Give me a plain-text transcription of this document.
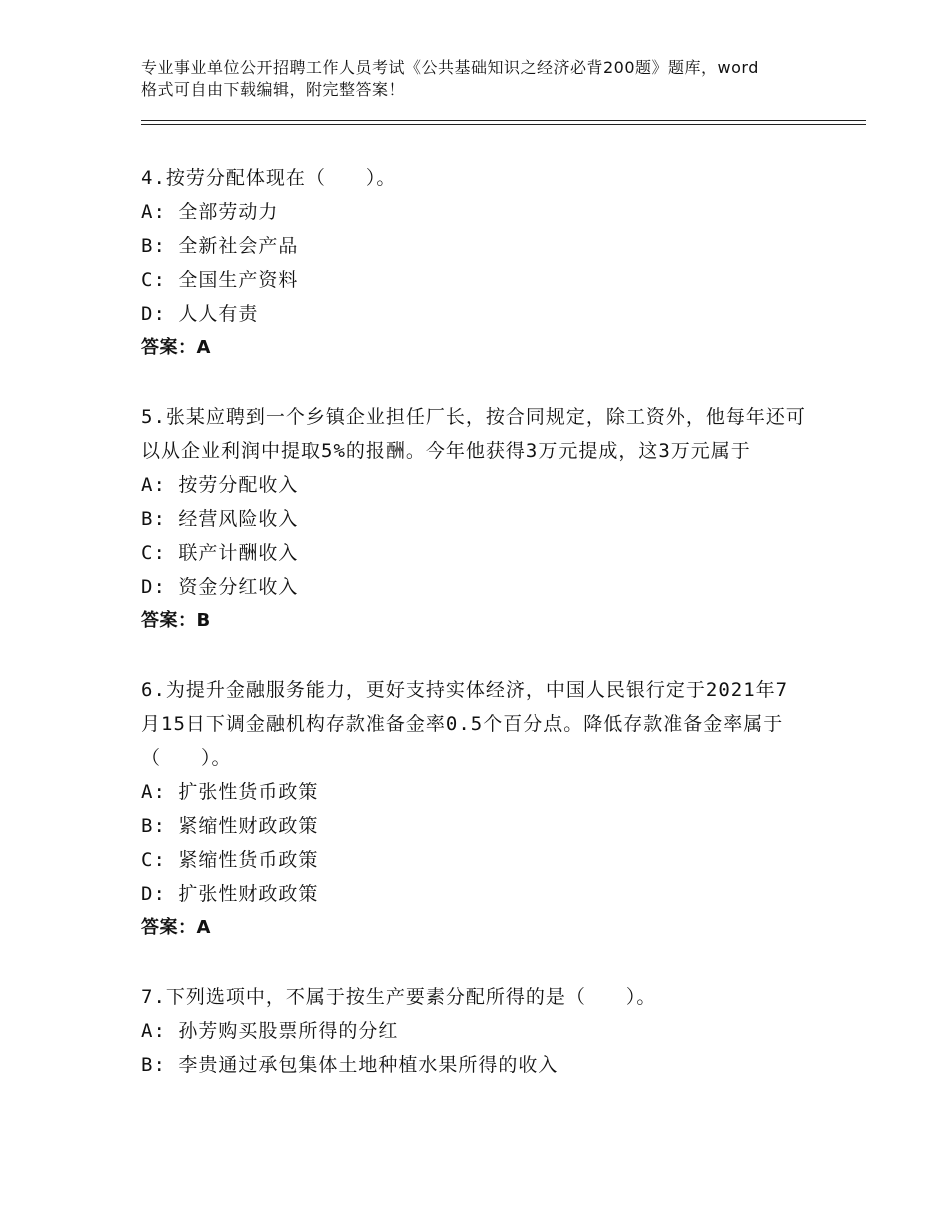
专业事业单位公开招聘工作人员考试《公共基础知识之经济必背200题》题库，word格式可自由下载编辑，附完整答案！

4.按劳分配体现在（　　）。

A: 全部劳动力

B: 全新社会产品

C: 全国生产资料

D: 人人有责

答案：A

5.张某应聘到一个乡镇企业担任厂长，按合同规定，除工资外，他每年还可以从企业利润中提取5%的报酬。今年他获得3万元提成，这3万元属于

A: 按劳分配收入

B: 经营风险收入

C: 联产计酬收入

D: 资金分红收入

答案：B

6.为提升金融服务能力，更好支持实体经济，中国人民银行定于2021年7月15日下调金融机构存款准备金率0.5个百分点。降低存款准备金率属于（　　）。

A: 扩张性货币政策

B: 紧缩性财政政策

C: 紧缩性货币政策

D: 扩张性财政政策

答案：A

7.下列选项中，不属于按生产要素分配所得的是（　　）。

A: 孙芳购买股票所得的分红

B: 李贵通过承包集体土地种植水果所得的收入
